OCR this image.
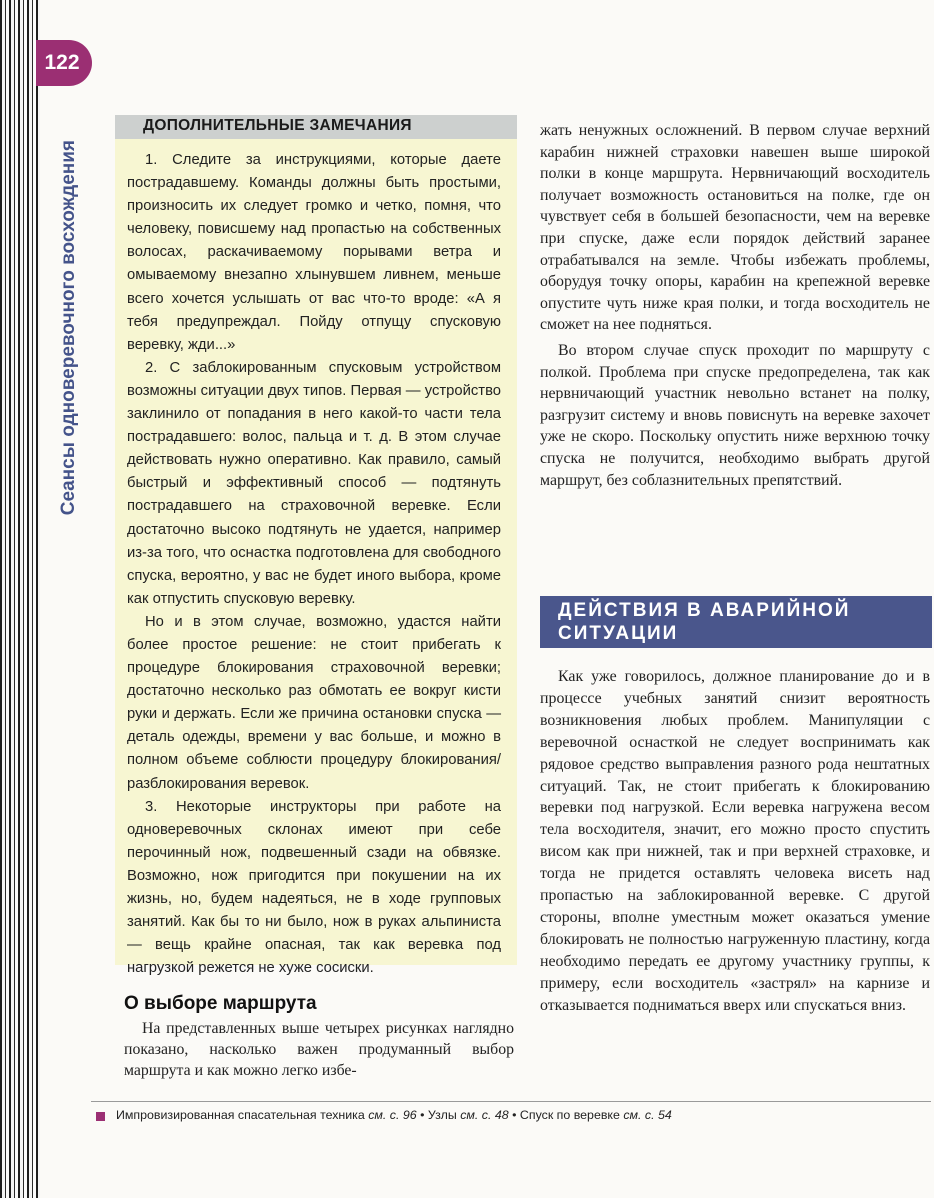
122
Сеансы одноверевочного восхождения
ДОПОЛНИТЕЛЬНЫЕ ЗАМЕЧАНИЯ

1. Следите за инструкциями, которые даете пострадавшему. Команды должны быть простыми, произносить их следует громко и четко, помня, что человеку, повисшему над пропастью на собственных волосах, раскачиваемому порывами ветра и омываемому внезапно хлынувшем ливнем, меньше всего хочется услышать от вас что-то вроде: «А я тебя предупреждал. Пойду отпущу спусковую веревку, жди...»

2. С заблокированным спусковым устройством возможны ситуации двух типов. Первая — устройство заклинило от попадания в него какой-то части тела пострадавшего: волос, пальца и т. д. В этом случае действовать нужно оперативно. Как правило, самый быстрый и эффективный способ — подтянуть пострадавшего на страховочной веревке. Если достаточно высоко подтянуть не удается, например из-за того, что оснастка подготовлена для свободного спуска, вероятно, у вас не будет иного выбора, кроме как отпустить спусковую веревку.

Но и в этом случае, возможно, удастся найти более простое решение: не стоит прибегать к процедуре блокирования страховочной веревки; достаточно несколько раз обмотать ее вокруг кисти руки и держать. Если же причина остановки спуска — деталь одежды, времени у вас больше, и можно в полном объеме соблюсти процедуру блокирования/разблокирования веревок.

3. Некоторые инструкторы при работе на одноверевочных склонах имеют при себе перочинный нож, подвешенный сзади на обвязке. Возможно, нож пригодится при покушении на их жизнь, но, будем надеяться, не в ходе групповых занятий. Как бы то ни было, нож в руках альпиниста — вещь крайне опасная, так как веревка под нагрузкой режется не хуже сосиски.

О выборе маршрута

На представленных выше четырех рисунках наглядно показано, насколько важен продуманный выбор маршрута и как можно легко избе-

жать ненужных осложнений. В первом случае верхний карабин нижней страховки навешен выше широкой полки в конце маршрута. Нервничающий восходитель получает возможность остановиться на полке, где он чувствует себя в большей безопасности, чем на веревке при спуске, даже если порядок действий заранее отрабатывался на земле. Чтобы избежать проблемы, оборудуя точку опоры, карабин на крепежной веревке опустите чуть ниже края полки, и тогда восходитель не сможет на нее подняться.

Во втором случае спуск проходит по маршруту с полкой. Проблема при спуске предопределена, так как нервничающий участник невольно встанет на полку, разгрузит систему и вновь повиснуть на веревке захочет уже не скоро. Поскольку опустить ниже верхнюю точку спуска не получится, необходимо выбрать другой маршрут, без соблазнительных препятствий.

ДЕЙСТВИЯ В АВАРИЙНОЙ СИТУАЦИИ

Как уже говорилось, должное планирование до и в процессе учебных занятий снизит вероятность возникновения любых проблем. Манипуляции с веревочной оснасткой не следует воспринимать как рядовое средство выправления разного рода нештатных ситуаций. Так, не стоит прибегать к блокированию веревки под нагрузкой. Если веревка нагружена весом тела восходителя, значит, его можно просто спустить висом как при нижней, так и при верхней страховке, и тогда не придется оставлять человека висеть над пропастью на заблокированной веревке. С другой стороны, вполне уместным может оказаться умение блокировать не полностью нагруженную пластину, когда необходимо передать ее другому участнику группы, к примеру, если восходитель «застрял» на карнизе и отказывается подниматься вверх или спускаться вниз.

Импровизированная спасательная техника см. с. 96 • Узлы см. с. 48 • Спуск по веревке см. с. 54
